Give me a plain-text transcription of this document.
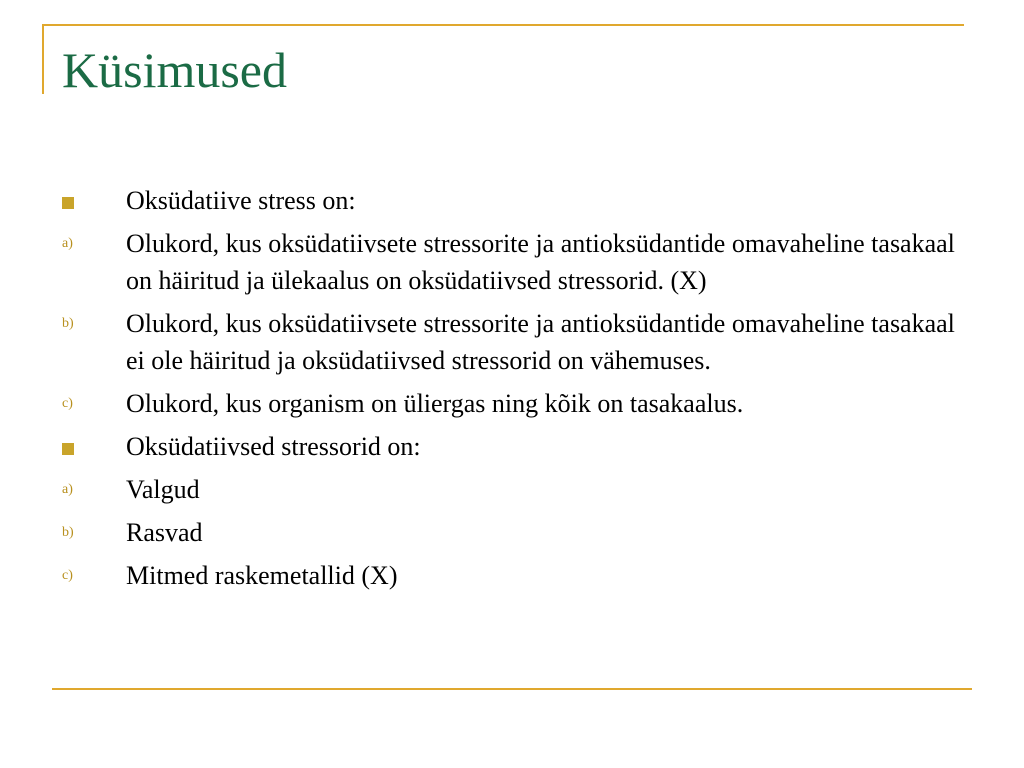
Küsimused
Oksüdatiive stress on:
a) Olukord, kus oksüdatiivsete stressorite ja antioksüdantide omavaheline tasakaal on häiritud ja ülekaalus on oksüdatiivsed stressorid. (X)
b) Olukord, kus oksüdatiivsete stressorite ja antioksüdantide omavaheline tasakaal ei ole häiritud ja oksüdatiivsed stressorid on vähemuses.
c) Olukord, kus organism on üliergas ning kõik on tasakaalus.
Oksüdatiivsed stressorid on:
a) Valgud
b) Rasvad
c) Mitmed raskemetallid (X)
